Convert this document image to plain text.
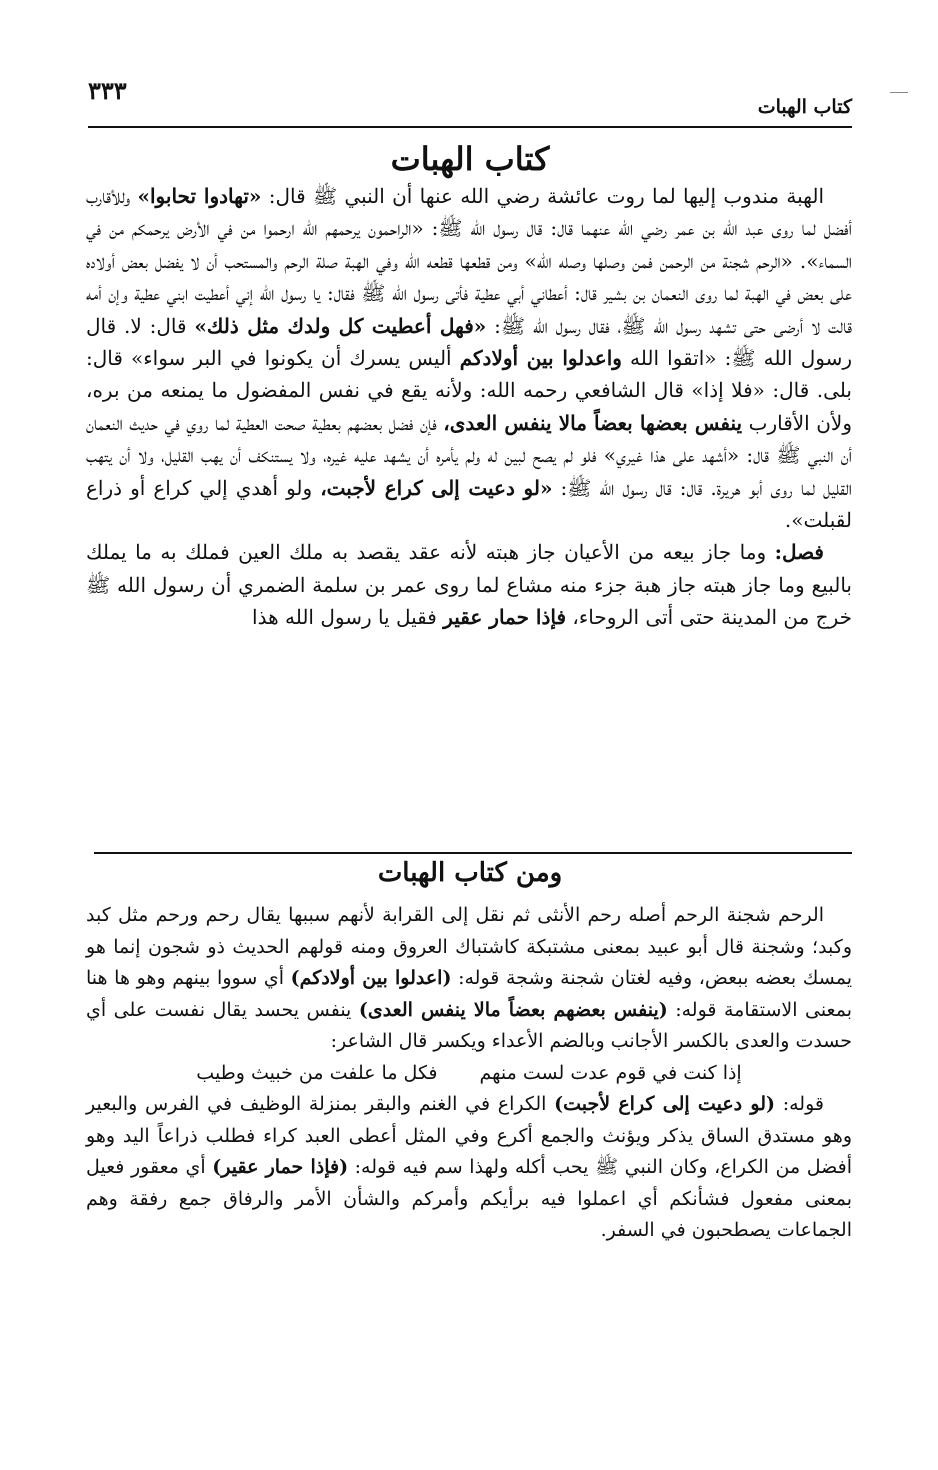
٣٣٣
كتاب الهبات
كتاب الهبات

الهبة مندوب إليها لما روت عائشة رضي الله عنها أن النبي ﷺ قال: «تهادوا تحابوا» وللأقارب أفضل لما روى عبد الله بن عمر رضي الله عنهما قال: قال رسول الله ﷺ: «الراحمون يرحمهم الله ارحموا من في الأرض يرحمكم من في السماء». «الرحم شجنة من الرحمن فمن وصلها وصله الله» ومن قطعها قطعه الله وفي الهبة صلة الرحم والمستحب أن لا يفضل بعض أولاده على بعض في الهبة لما روى النعمان بن بشير قال: أعطاني أبي عطية فأتى رسول الله ﷺ فقال: يا رسول الله إني أعطيت ابني عطية وإن أمه قالت لا أرضى حتى تشهد رسول الله ﷺ، فقال رسول الله ﷺ: «فهل أعطيت كل ولدك مثل ذلك» قال: لا. قال رسول الله ﷺ: «اتقوا الله واعدلوا بين أولادكم أليس يسرك أن يكونوا في البر سواء» قال: بلى. قال: «فلا إذا» قال الشافعي رحمه الله: ولأنه يقع في نفس المفضول ما يمنعه من بره، ولأن الأقارب ينفس بعضها بعضاً مالا ينفس العدى، فإن فضل بعضهم بعطية صحت العطية لما روي في حديث النعمان أن النبي ﷺ قال: «أشهد على هذا غيري» فلو لم يصح لبين له ولم يأمره أن يشهد عليه غيره، ولا يستنكف أن يهب القليل، ولا أن يتهب القليل لما روى أبو هريرة. قال: قال رسول الله ﷺ: «لو دعيت إلى كراع لأجبت، ولو أهدي إلي كراع أو ذراع لقبلت».

فصل: وما جاز بيعه من الأعيان جاز هبته لأنه عقد يقصد به ملك العين فملك به ما يملك بالبيع وما جاز هبته جاز هبة جزء منه مشاع لما روى عمر بن سلمة الضمري أن رسول الله ﷺ خرج من المدينة حتى أتى الروحاء، فإذا حمار عقير فقيل يا رسول الله هذا

ومن كتاب الهبات

الرحم شجنة الرحم أصله رحم الأنثى ثم نقل إلى القرابة لأنهم سببها يقال رحم ورحم مثل كبد وكبد؛ وشجنة قال أبو عبيد بمعنى مشتبكة كاشتباك العروق ومنه قولهم الحديث ذو شجون إنما هو يمسك بعضه ببعض، وفيه لغتان شجنة وشجة قوله: (اعدلوا بين أولادكم) أي سووا بينهم وهو ها هنا بمعنى الاستقامة قوله: (ينفس بعضهم بعضاً مالا ينفس العدى) ينفس يحسد يقال نفست على أي حسدت والعدى بالكسر الأجانب وبالضم الأعداء ويكسر قال الشاعر:

إذا كنت في قوم عدت لست منهم
فكل ما علفت من خبيث وطيب

قوله: (لو دعيت إلى كراع لأجبت) الكراع في الغنم والبقر بمنزلة الوظيف في الفرس والبعير وهو مستدق الساق يذكر ويؤنث والجمع أكرع وفي المثل أعطى العبد كراء فطلب ذراعاً اليد وهو أفضل من الكراع، وكان النبي ﷺ يحب أكله ولهذا سم فيه قوله: (فإذا حمار عقير) أي معقور فعيل بمعنى مفعول فشأنكم أي اعملوا فيه برأيكم وأمركم والشأن الأمر والرفاق جمع رفقة وهم الجماعات يصطحبون في السفر.
